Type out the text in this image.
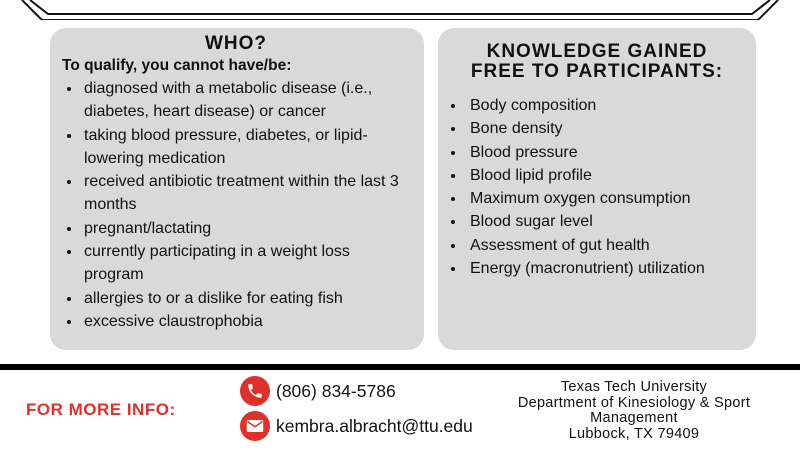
WHO?
To qualify, you cannot have/be:
• diagnosed with a metabolic disease (i.e., diabetes, heart disease) or cancer
• taking blood pressure, diabetes, or lipid-lowering medication
• received antibiotic treatment within the last 3 months
• pregnant/lactating
• currently participating in a weight loss program
• allergies to or a dislike for eating fish
• excessive claustrophobia
KNOWLEDGE GAINED
FREE TO PARTICIPANTS:
• Body composition
• Bone density
• Blood pressure
• Blood lipid profile
• Maximum oxygen consumption
• Blood sugar level
• Assessment of gut health
• Energy (macronutrient) utilization
FOR MORE INFO:
(806) 834-5786
kembra.albracht@ttu.edu
Texas Tech University
Department of Kinesiology & Sport
Management
Lubbock, TX 79409
